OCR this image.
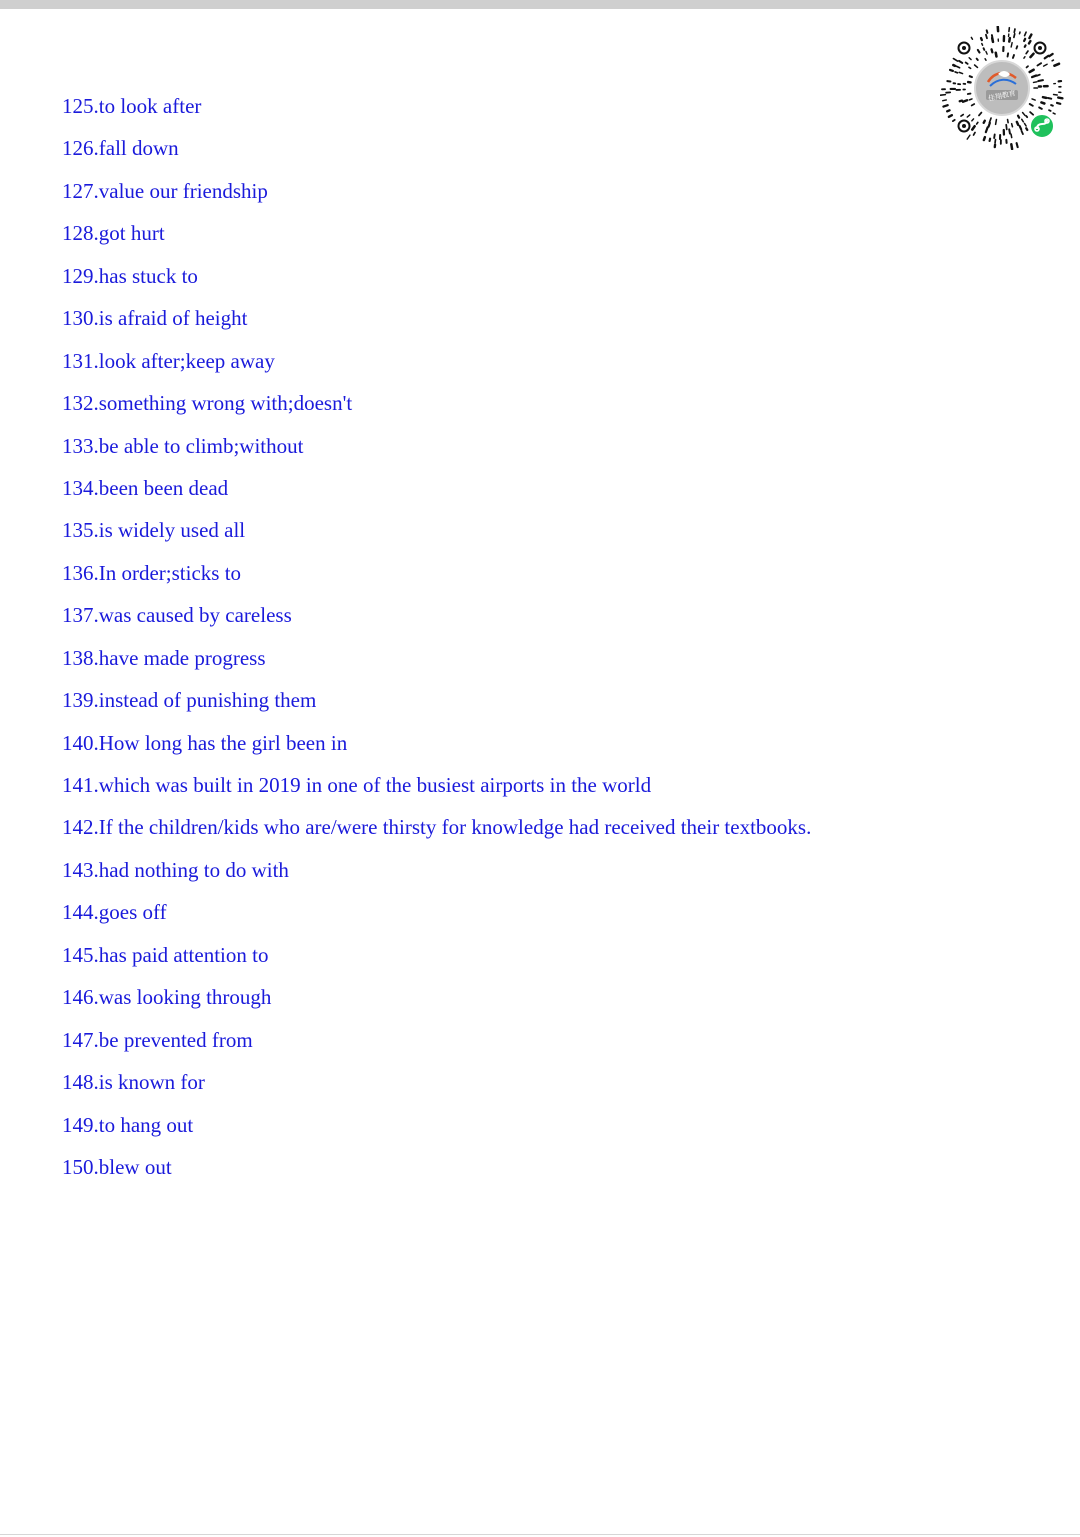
125.to look after
126.fall down
127.value our friendship
128.got hurt
129.has stuck to
130.is afraid of height
131.look after;keep away
132.something wrong with;doesn't
133.be able to climb;without
134.been been dead
135.is widely used all
136.In order;sticks to
137.was caused by careless
138.have made progress
139.instead of punishing them
140.How long has the girl been in
141.which was built in 2019 in one of the busiest airports in the world
142.If the children/kids who are/were thirsty for knowledge had received their textbooks.
143.had nothing to do with
144.goes off
145.has paid attention to
146.was looking through
147.be prevented from
148.is known for
149.to hang out
150.blew out
佳翔教育
